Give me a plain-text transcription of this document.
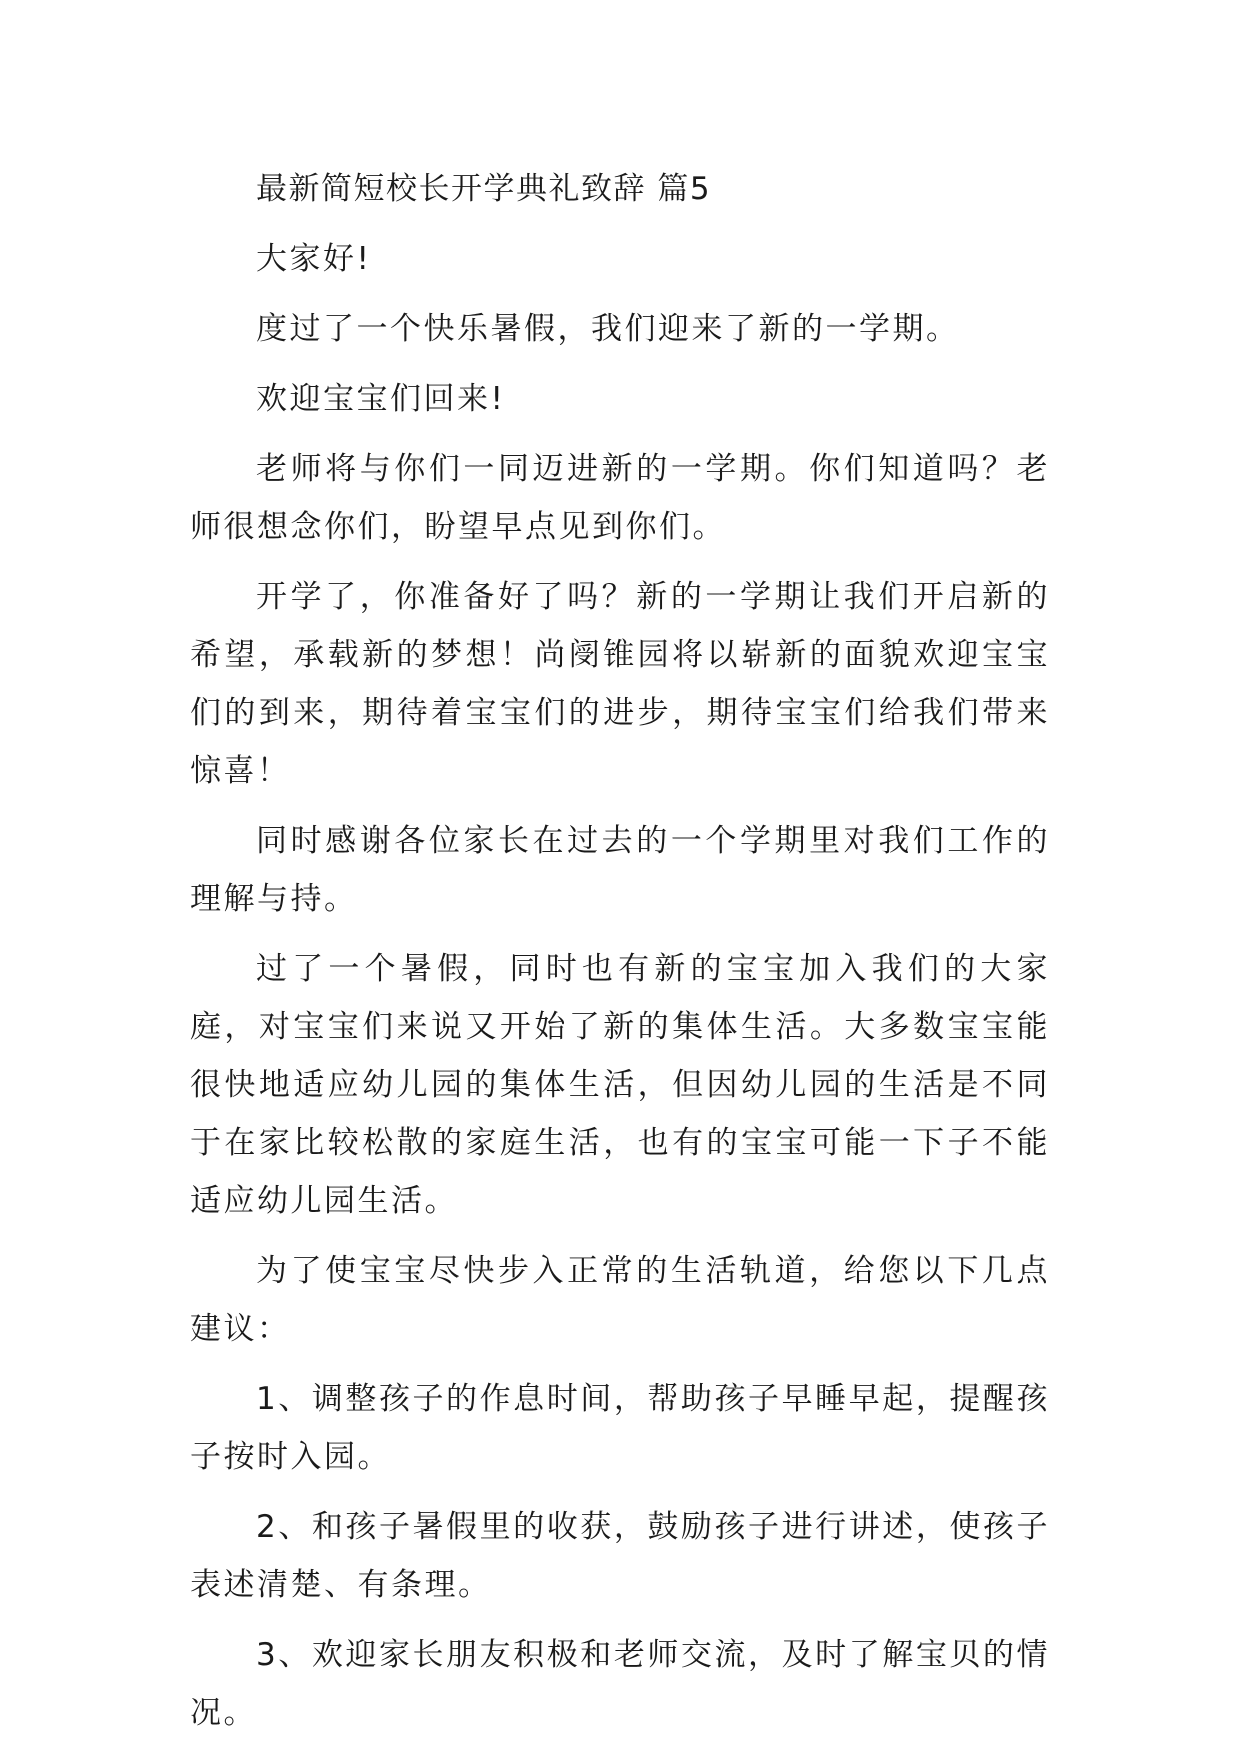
最新简短校长开学典礼致辞 篇5

大家好!

度过了一个快乐暑假，我们迎来了新的一学期。

欢迎宝宝们回来!

老师将与你们一同迈进新的一学期。你们知道吗？老师很想念你们，盼望早点见到你们。

开学了，你准备好了吗？新的一学期让我们开启新的希望，承载新的梦想！尚阌锥园将以崭新的面貌欢迎宝宝们的到来，期待着宝宝们的进步，期待宝宝们给我们带来惊喜！

同时感谢各位家长在过去的一个学期里对我们工作的理解与持。

过了一个暑假，同时也有新的宝宝加入我们的大家庭，对宝宝们来说又开始了新的集体生活。大多数宝宝能很快地适应幼儿园的集体生活，但因幼儿园的生活是不同于在家比较松散的家庭生活，也有的宝宝可能一下子不能适应幼儿园生活。

为了使宝宝尽快步入正常的生活轨道，给您以下几点建议：

1、调整孩子的作息时间，帮助孩子早睡早起，提醒孩子按时入园。

2、和孩子暑假里的收获，鼓励孩子进行讲述，使孩子表述清楚、有条理。

3、欢迎家长朋友积极和老师交流，及时了解宝贝的情况。
